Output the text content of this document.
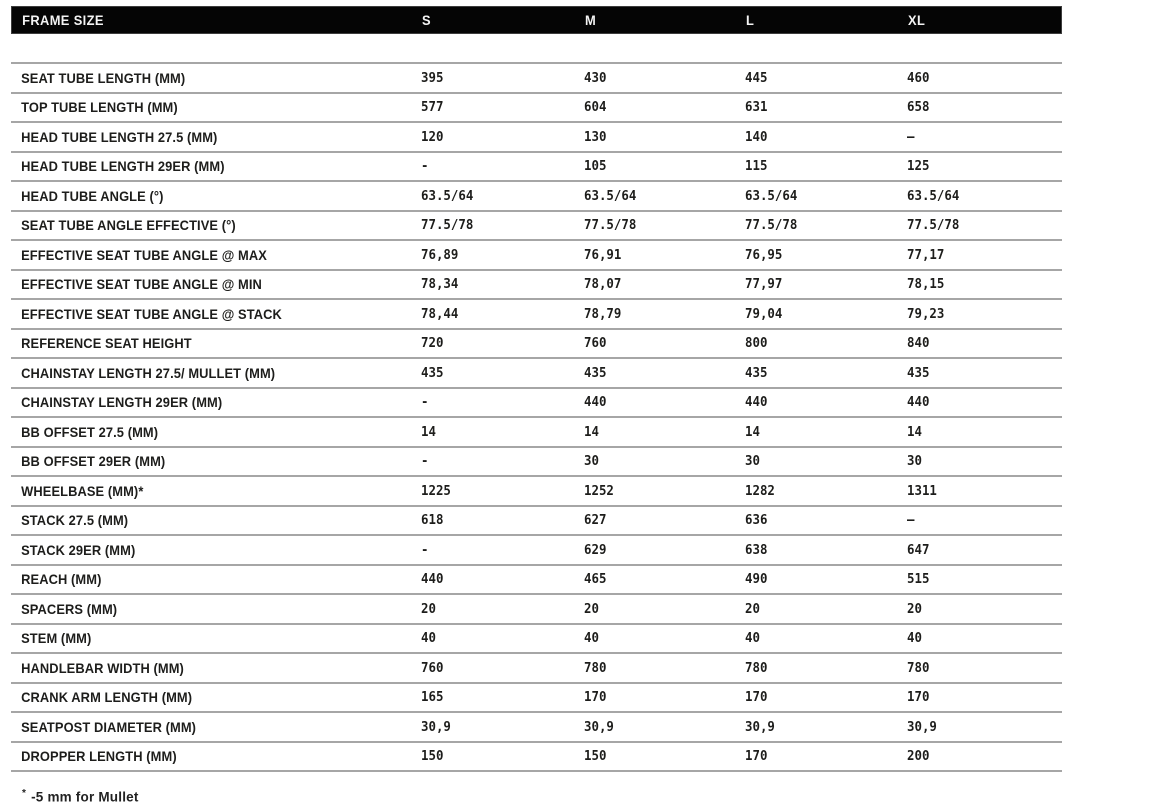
FRAME SIZE	S	M	L	XL
SEAT TUBE LENGTH (MM)	395	430	445	460
TOP TUBE LENGTH (MM)	577	604	631	658
HEAD TUBE LENGTH 27.5 (MM)	120	130	140	–
HEAD TUBE LENGTH 29ER (MM)	-	105	115	125
HEAD TUBE ANGLE (°)	63.5/64	63.5/64	63.5/64	63.5/64
SEAT TUBE ANGLE EFFECTIVE (°)	77.5/78	77.5/78	77.5/78	77.5/78
EFFECTIVE SEAT TUBE ANGLE @ MAX	76,89	76,91	76,95	77,17
EFFECTIVE SEAT TUBE ANGLE @ MIN	78,34	78,07	77,97	78,15
EFFECTIVE SEAT TUBE ANGLE @ STACK	78,44	78,79	79,04	79,23
REFERENCE SEAT HEIGHT	720	760	800	840
CHAINSTAY LENGTH 27.5/ MULLET (MM)	435	435	435	435
CHAINSTAY LENGTH 29ER (MM)	-	440	440	440
BB OFFSET 27.5 (MM)	14	14	14	14
BB OFFSET 29ER (MM)	-	30	30	30
WHEELBASE (MM)*	1225	1252	1282	1311
STACK 27.5 (MM)	618	627	636	–
STACK 29ER (MM)	-	629	638	647
REACH (MM)	440	465	490	515
SPACERS (MM)	20	20	20	20
STEM (MM)	40	40	40	40
HANDLEBAR WIDTH (MM)	760	780	780	780
CRANK ARM LENGTH (MM)	165	170	170	170
SEATPOST DIAMETER (MM)	30,9	30,9	30,9	30,9
DROPPER LENGTH (MM)	150	150	170	200
* -5 mm for Mullet
